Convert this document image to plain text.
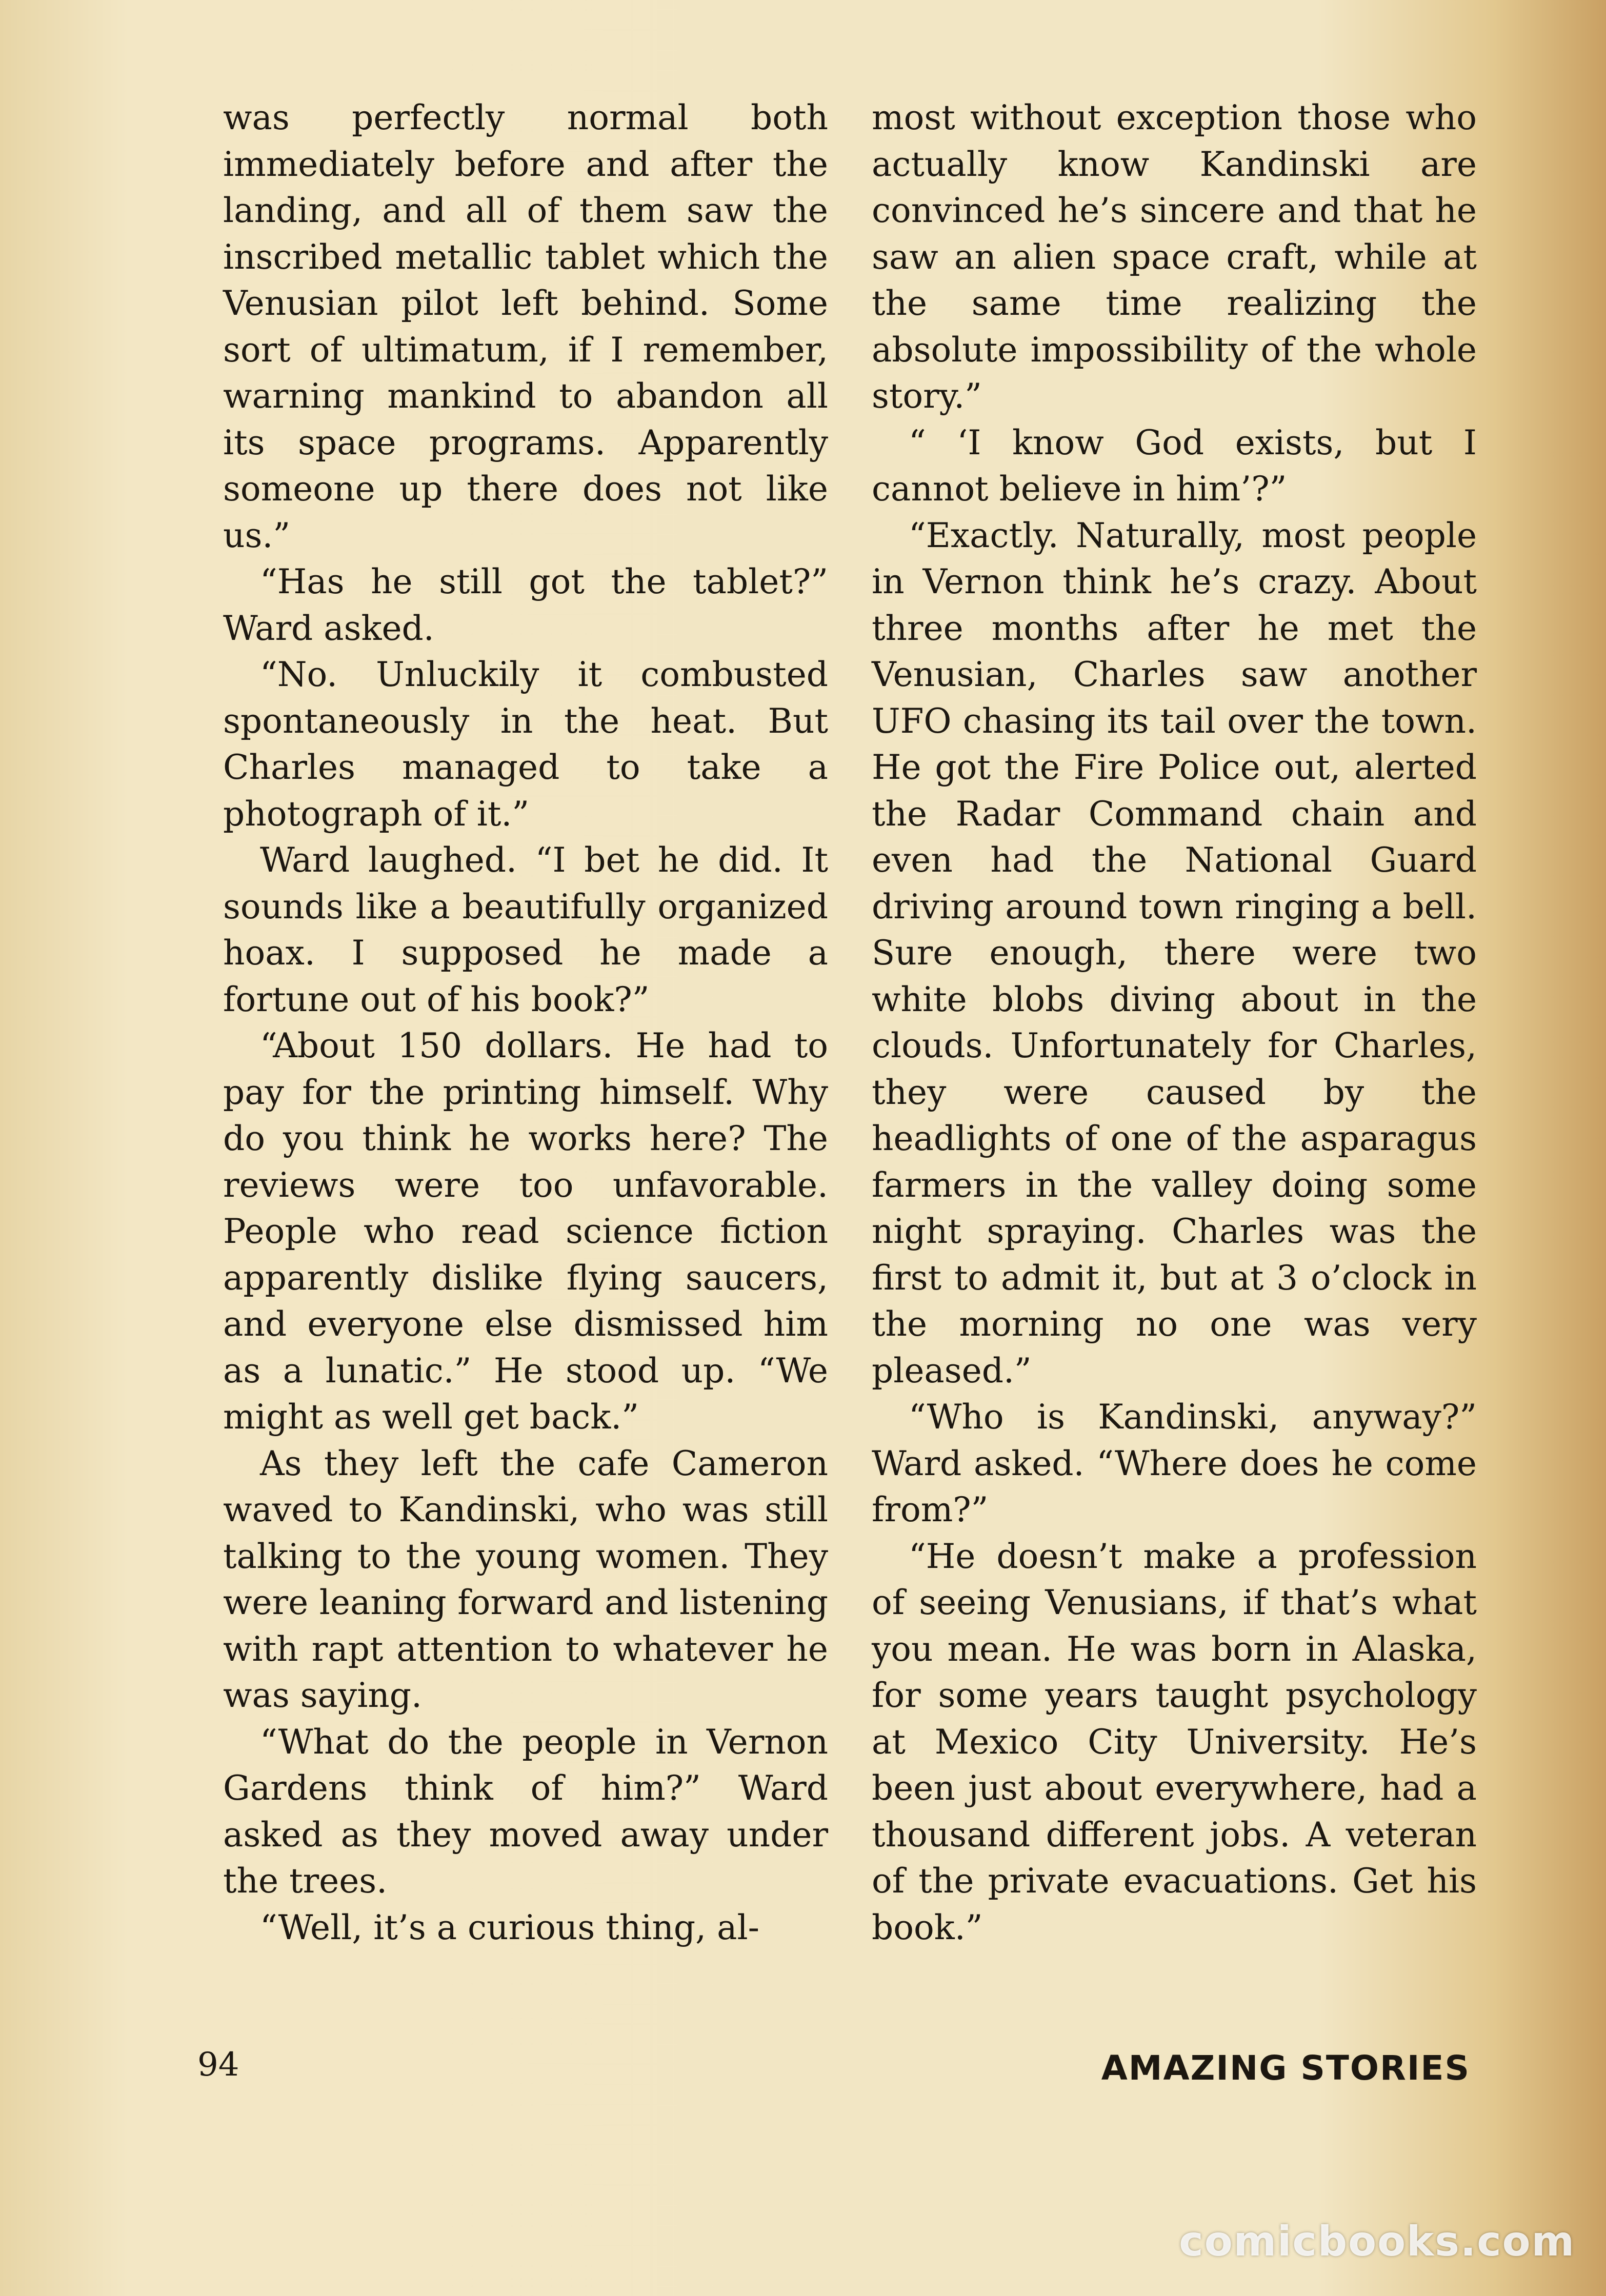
was perfectly normal both immediately before and after the landing, and all of them saw the inscribed metallic tablet which the Venusian pilot left behind. Some sort of ultimatum, if I remember, warning mankind to abandon all its space programs. Apparently someone up there does not like us.”

“Has he still got the tablet?” Ward asked.

“No. Unluckily it combusted spontaneously in the heat. But Charles managed to take a photograph of it.”

Ward laughed. “I bet he did. It sounds like a beautifully organized hoax. I supposed he made a fortune out of his book?”

“About 150 dollars. He had to pay for the printing himself. Why do you think he works here? The reviews were too unfavorable. People who read science fiction apparently dislike flying saucers, and everyone else dismissed him as a lunatic.” He stood up. “We might as well get back.”

As they left the cafe Cameron waved to Kandinski, who was still talking to the young women. They were leaning forward and listening with rapt attention to whatever he was saying.

“What do the people in Vernon Gardens think of him?” Ward asked as they moved away under the trees.

“Well, it’s a curious thing, al-

most without exception those who actually know Kandinski are convinced he’s sincere and that he saw an alien space craft, while at the same time realizing the absolute impossibility of the whole story.”

“ ‘I know God exists, but I cannot believe in him’?”

“Exactly. Naturally, most people in Vernon think he’s crazy. About three months after he met the Venusian, Charles saw another UFO chasing its tail over the town. He got the Fire Police out, alerted the Radar Command chain and even had the National Guard driving around town ringing a bell. Sure enough, there were two white blobs diving about in the clouds. Unfortunately for Charles, they were caused by the headlights of one of the asparagus farmers in the valley doing some night spraying. Charles was the first to admit it, but at 3 o’clock in the morning no one was very pleased.”

“Who is Kandinski, anyway?” Ward asked. “Where does he come from?”

“He doesn’t make a profession of seeing Venusians, if that’s what you mean. He was born in Alaska, for some years taught psychology at Mexico City University. He’s been just about everywhere, had a thousand different jobs. A veteran of the private evacuations. Get his book.”

94	AMAZING STORIES
comicbooks.com
